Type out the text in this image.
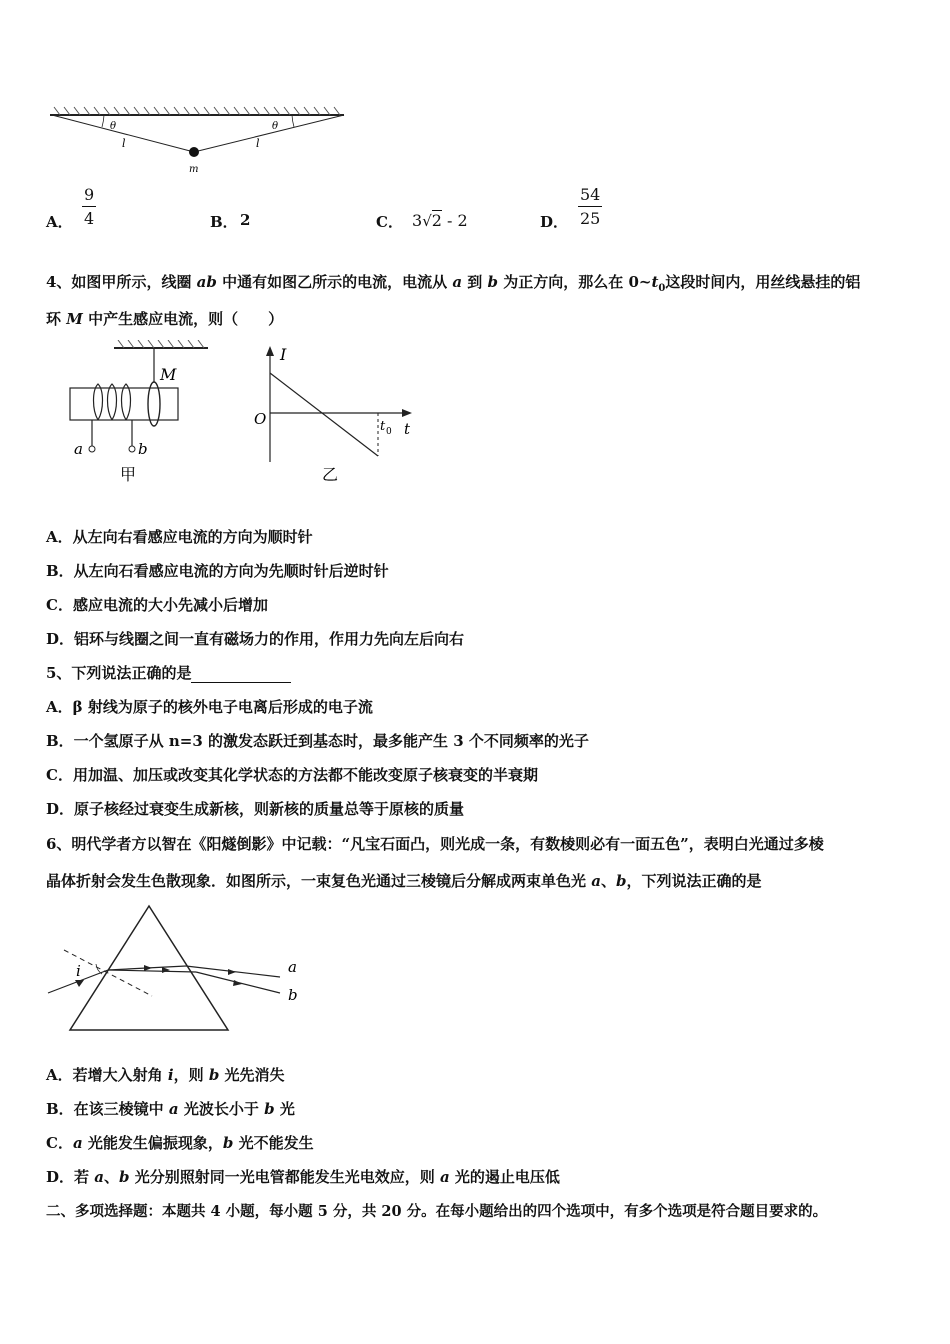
θ	θ
l	l
m
A． $\frac{9}{4}$	B． 2	C． 3√2 - 2	D． $\frac{54}{25}$
4、如图甲所示，线圈 ab 中通有如图乙所示的电流，电流从 a 到 b 为正方向，那么在 $0\sim t_0$这段时间内，用丝线悬挂的铝
环 M 中产生感应电流，则（　　）
M
a	b
甲
I
O	t 0 t
乙
A．从左向右看感应电流的方向为顺时针
B．从左向石看感应电流的方向为先顺时针后逆时针
C．感应电流的大小先减小后增加
D．铝环与线圈之间一直有磁场力的作用，作用力先向左后向右
5、下列说法正确的是
A．β 射线为原子的核外电子电离后形成的电子流
B．一个氢原子从 n=3 的激发态跃迁到基态时，最多能产生 3 个不同频率的光子
C．用加温、加压或改变其化学状态的方法都不能改变原子核衰变的半衰期
D．原子核经过衰变生成新核，则新核的质量总等于原核的质量
6、明代学者方以智在《阳燧倒影》中记载：“凡宝石面凸，则光成一条，有数棱则必有一面五色”，表明白光通过多棱
晶体折射会发生色散现象．如图所示，一束复色光通过三棱镜后分解成两束单色光 a、b，下列说法正确的是
i	a
b
A．若增大入射角 i，则 b 光先消失
B．在该三棱镜中 a 光波长小于 b 光
C．a 光能发生偏振现象，b 光不能发生
D．若 a、b 光分别照射同一光电管都能发生光电效应，则 a 光的遏止电压低
二、多项选择题：本题共 4 小题，每小题 5 分，共 20 分。在每小题给出的四个选项中，有多个选项是符合题目要求的。
